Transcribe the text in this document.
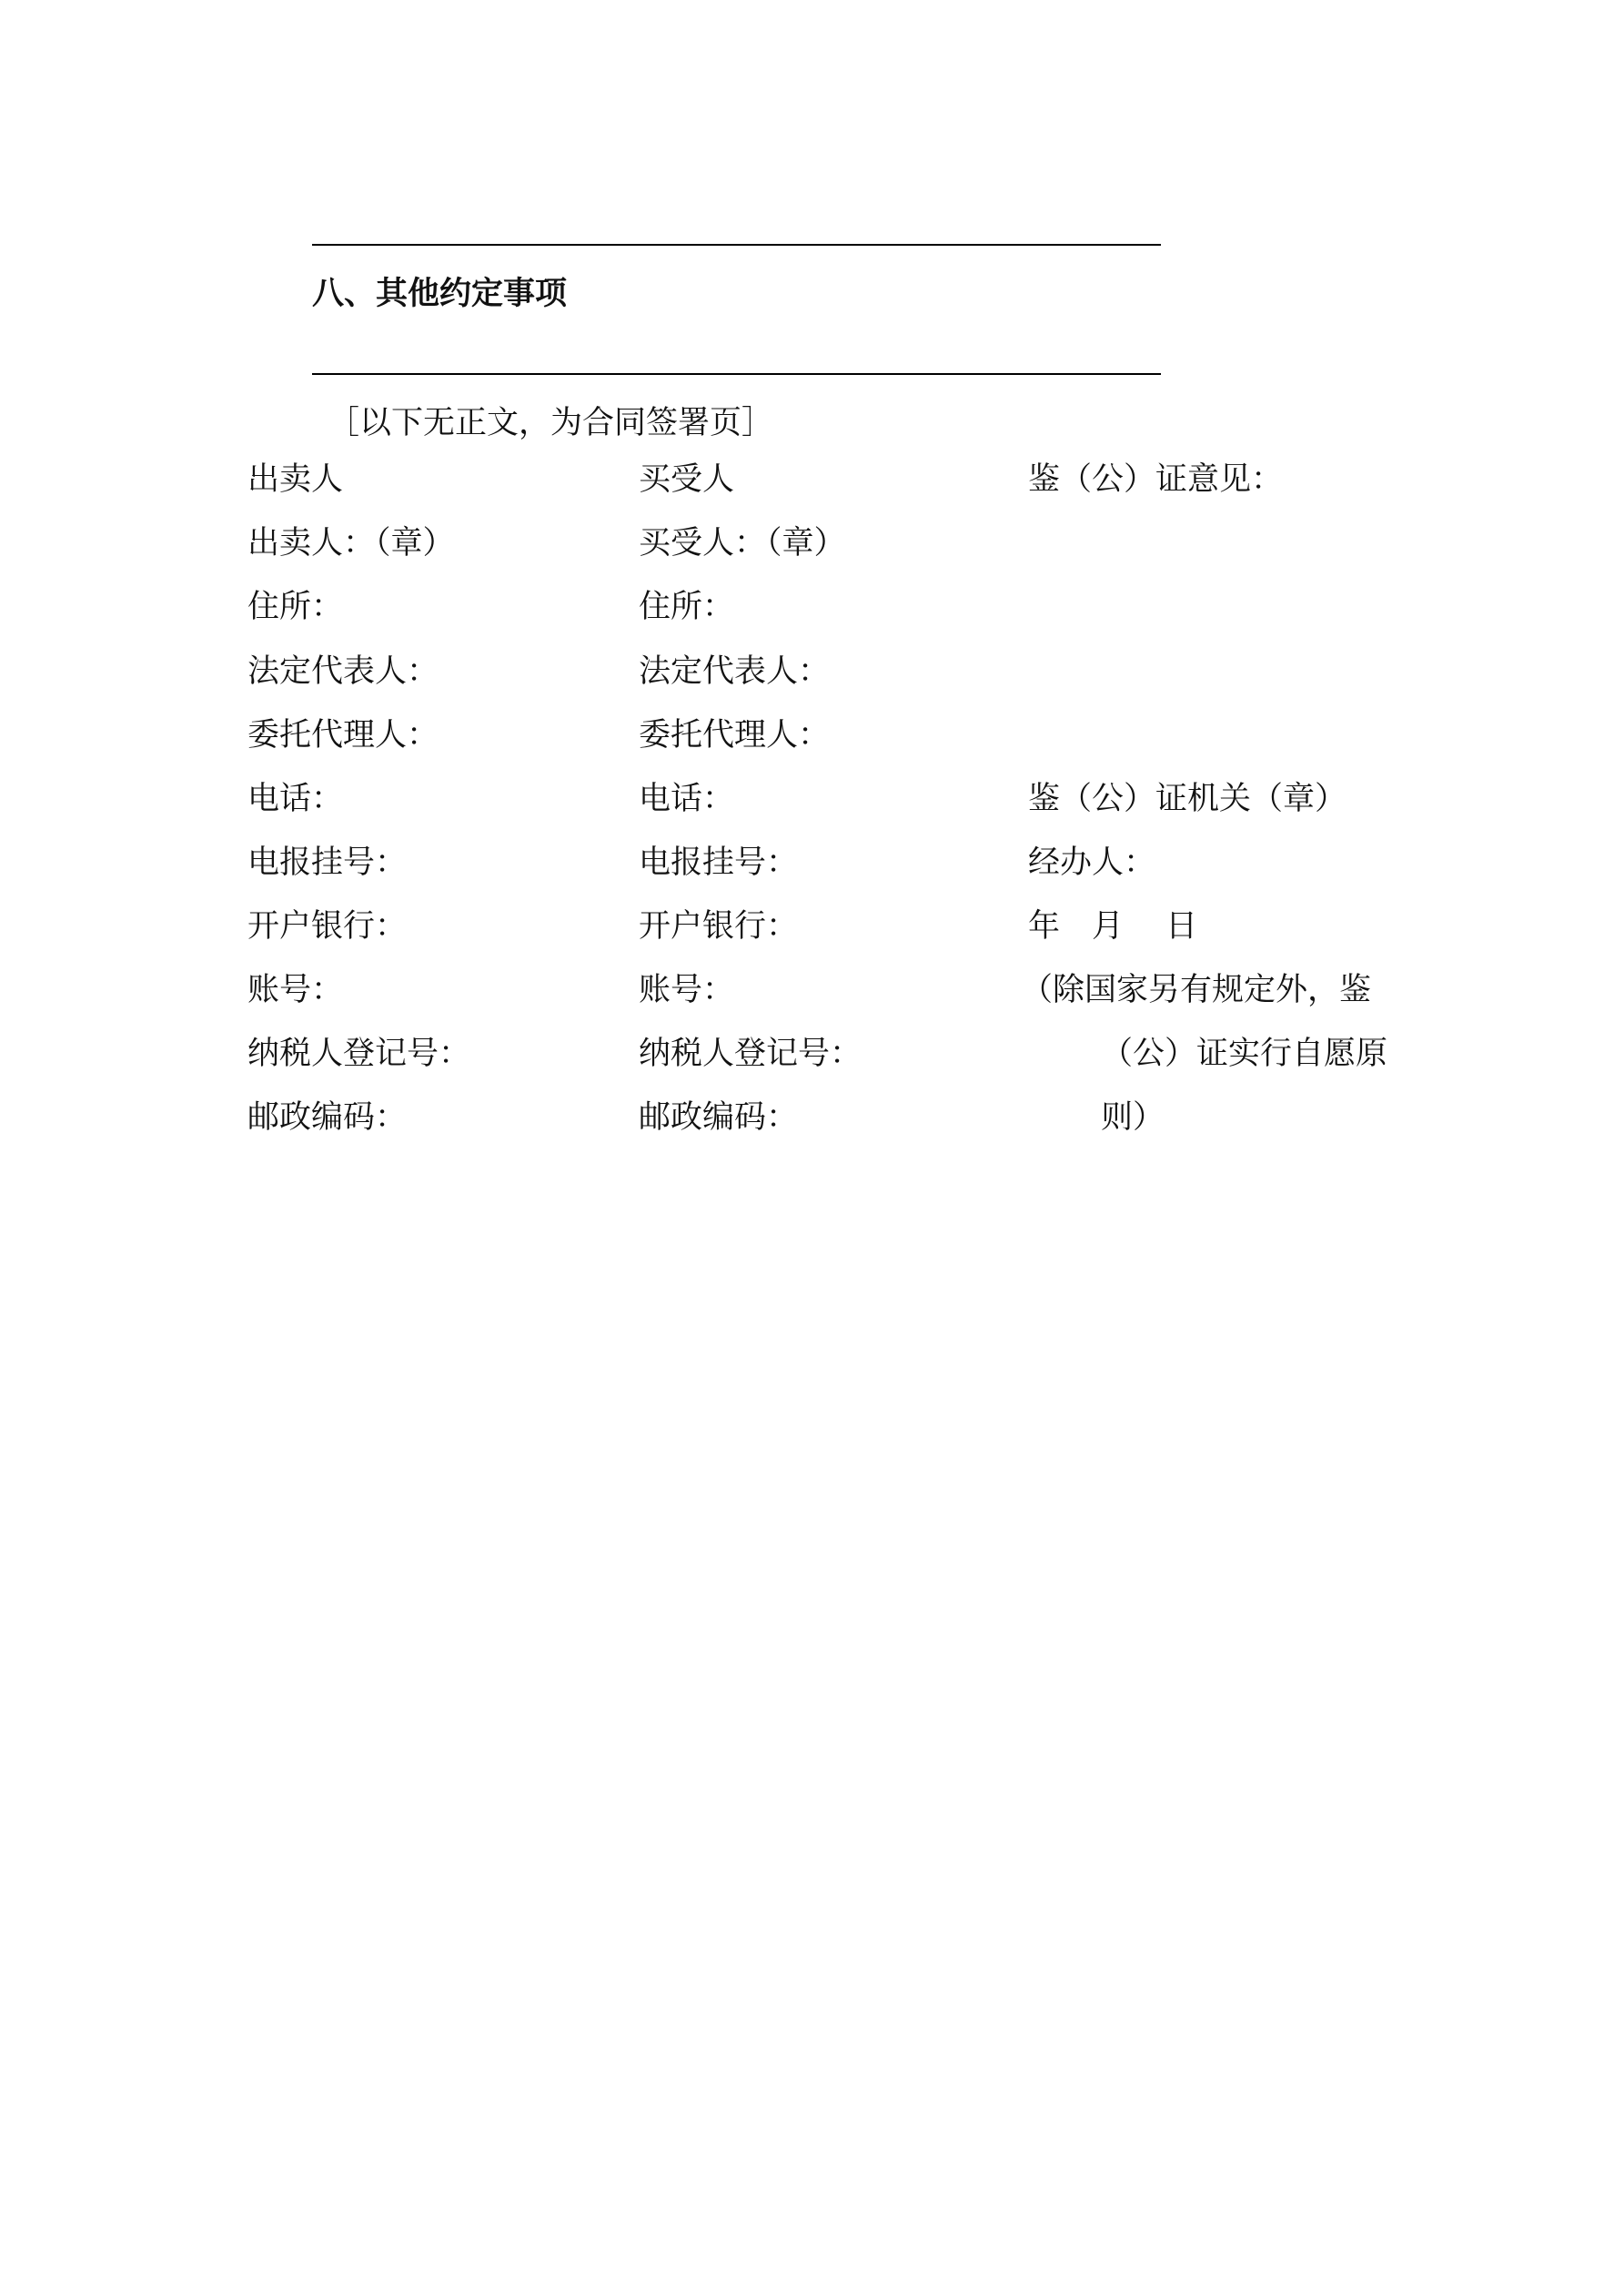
八、其他约定事项
［以下无正文，为合同签署页］
出卖人	买受人	鉴（公）证意见：
出卖人：（章）	买受人：（章）
住所：	住所：
法定代表人：	法定代表人：
委托代理人：	委托代理人：
电话：	电话：	鉴（公）证机关（章）
电报挂号：	电报挂号：	经办人：
开户银行：	开户银行：	年　月　 日
账号：	账号：	（除国家另有规定外，鉴
纳税人登记号：	纳税人登记号：	（公）证实行自愿原
邮政编码：	邮政编码：	则）
